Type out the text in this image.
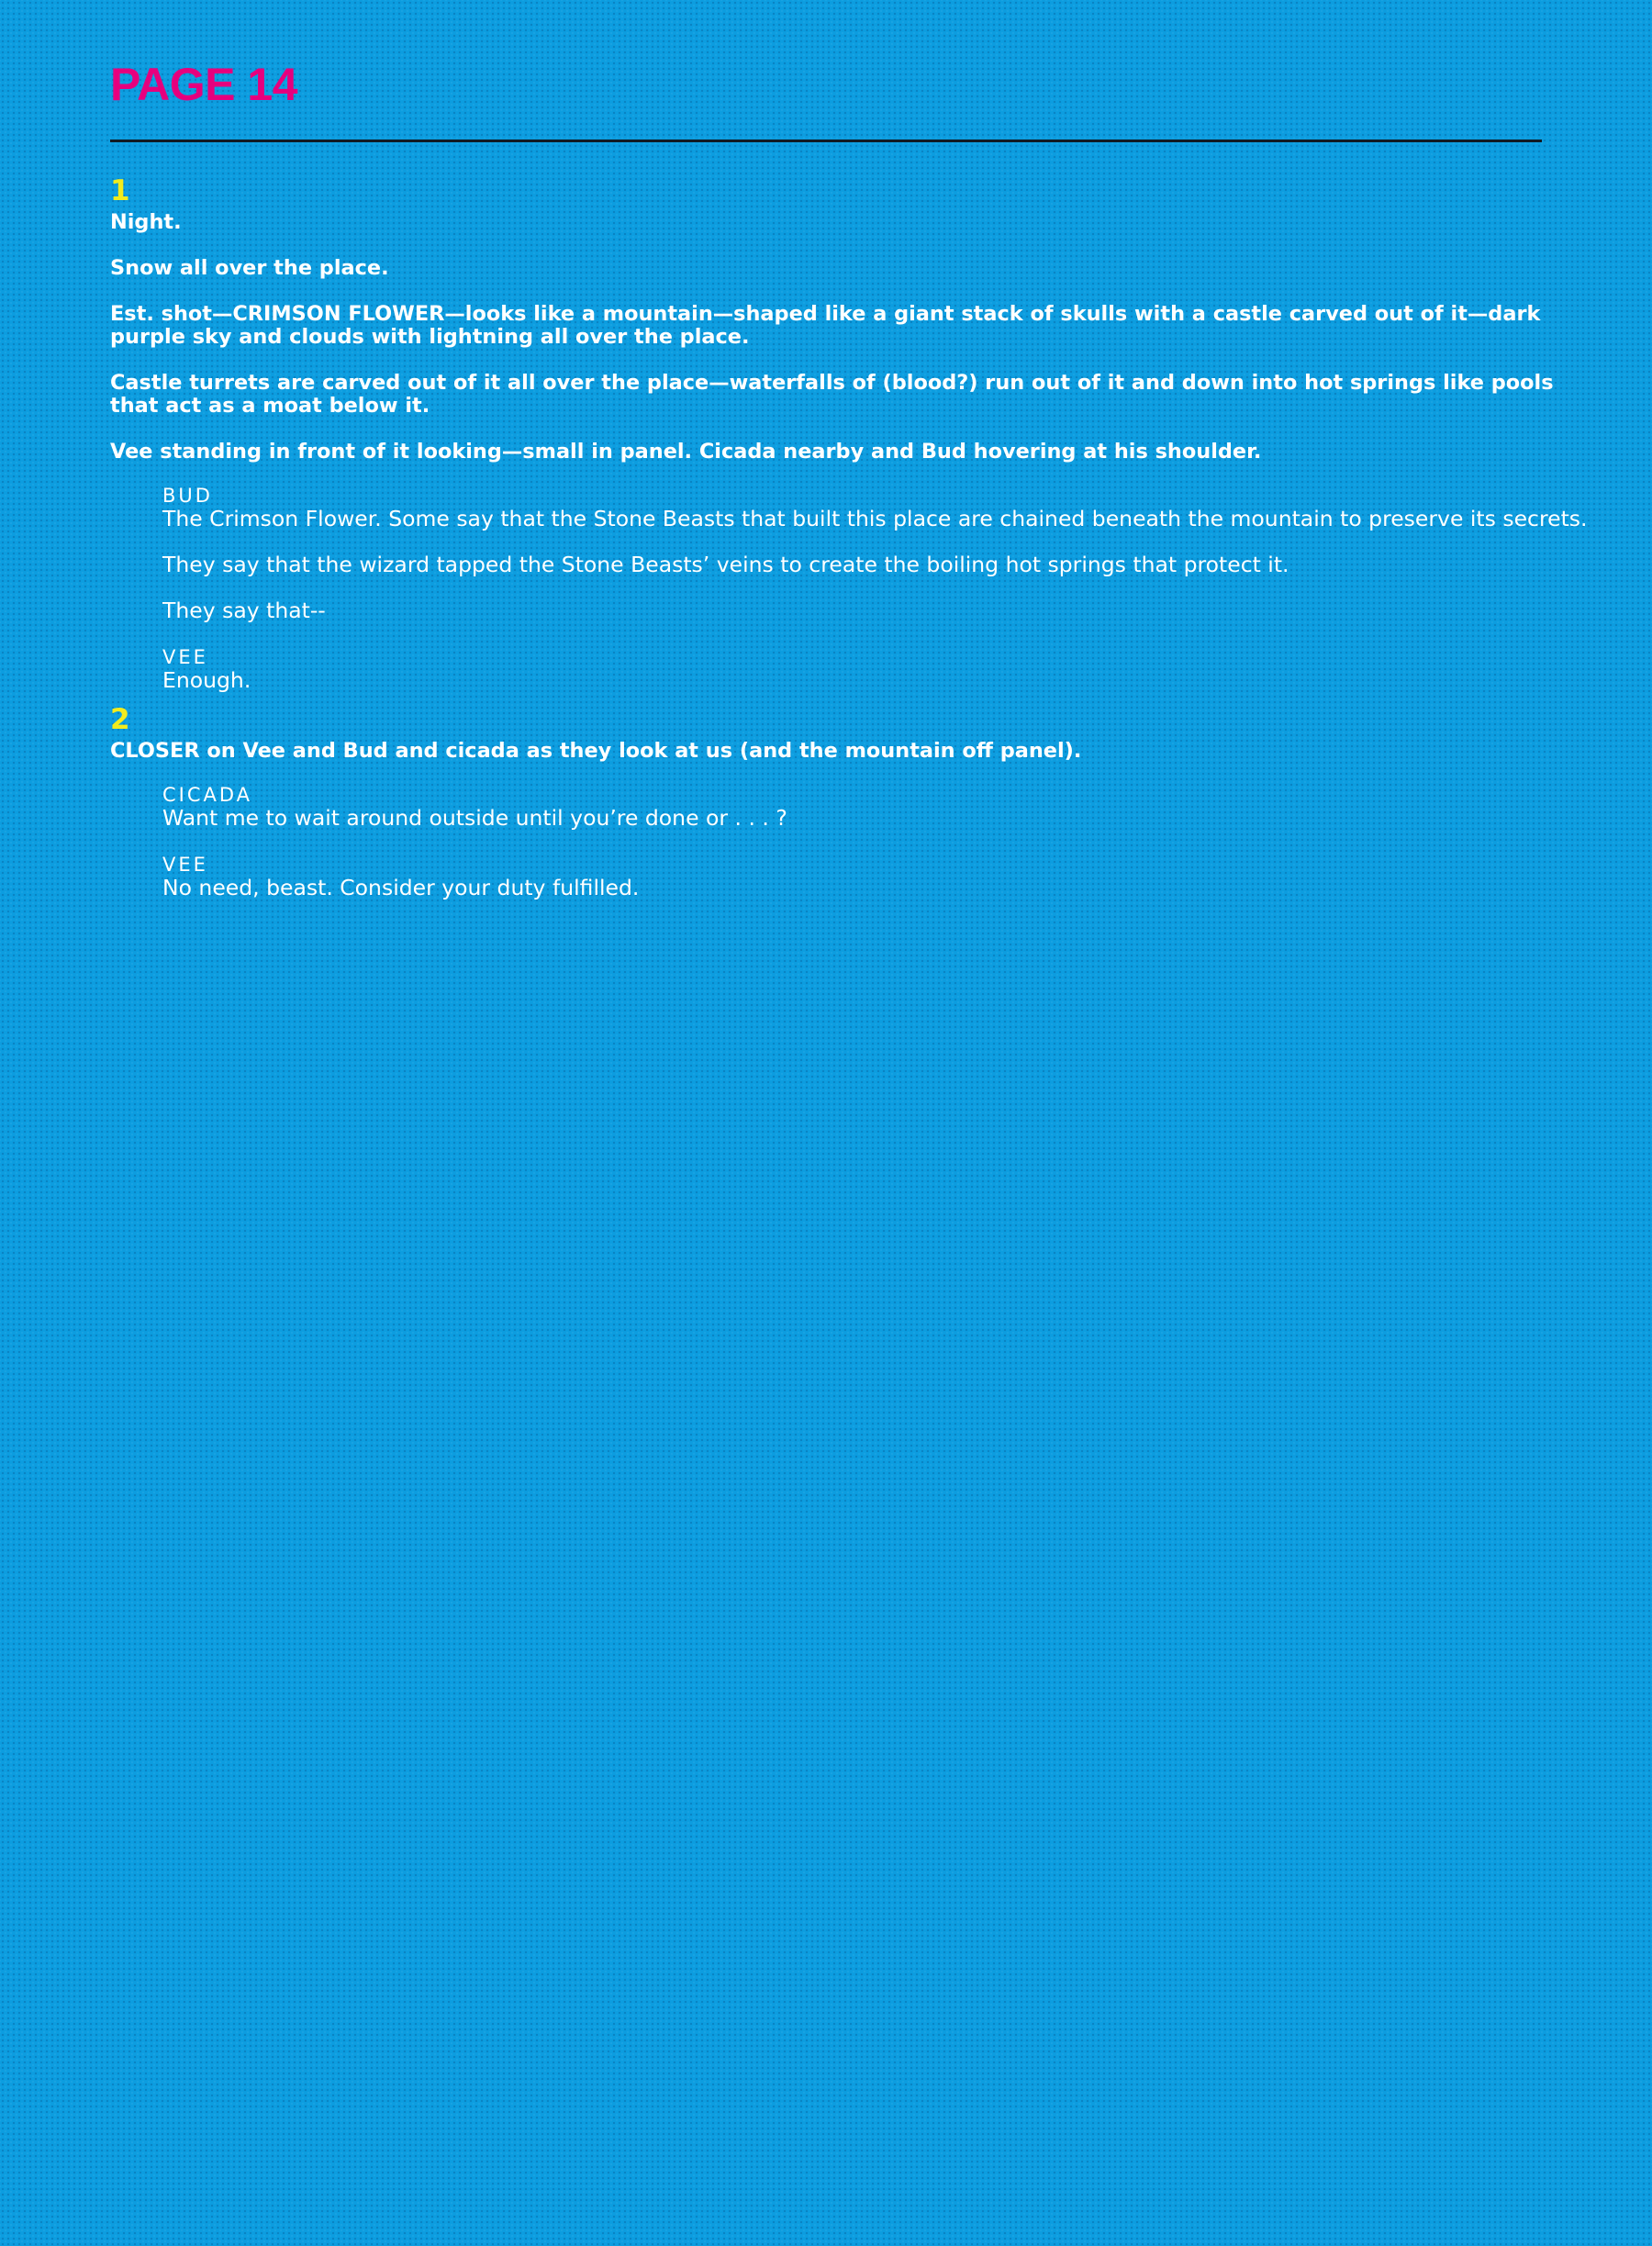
PAGE 14
1

Night.

Snow all over the place.

Est. shot—CRIMSON FLOWER—looks like a mountain—shaped like a giant stack of skulls with a castle carved out of it—dark purple sky and clouds with lightning all over the place.

Castle turrets are carved out of it all over the place—waterfalls of (blood?) run out of it and down into hot springs like pools that act as a moat below it.

Vee standing in front of it looking—small in panel. Cicada nearby and Bud hovering at his shoulder.

BUD

The Crimson Flower. Some say that the Stone Beasts that built this place are chained beneath the mountain to preserve its secrets.

They say that the wizard tapped the Stone Beasts’ veins to create the boiling hot springs that protect it.

They say that--

VEE

Enough.

2

CLOSER on Vee and Bud and cicada as they look at us (and the mountain off panel).

CICADA

Want me to wait around outside until you’re done or . . . ?

VEE

No need, beast. Consider your duty fulfilled.
